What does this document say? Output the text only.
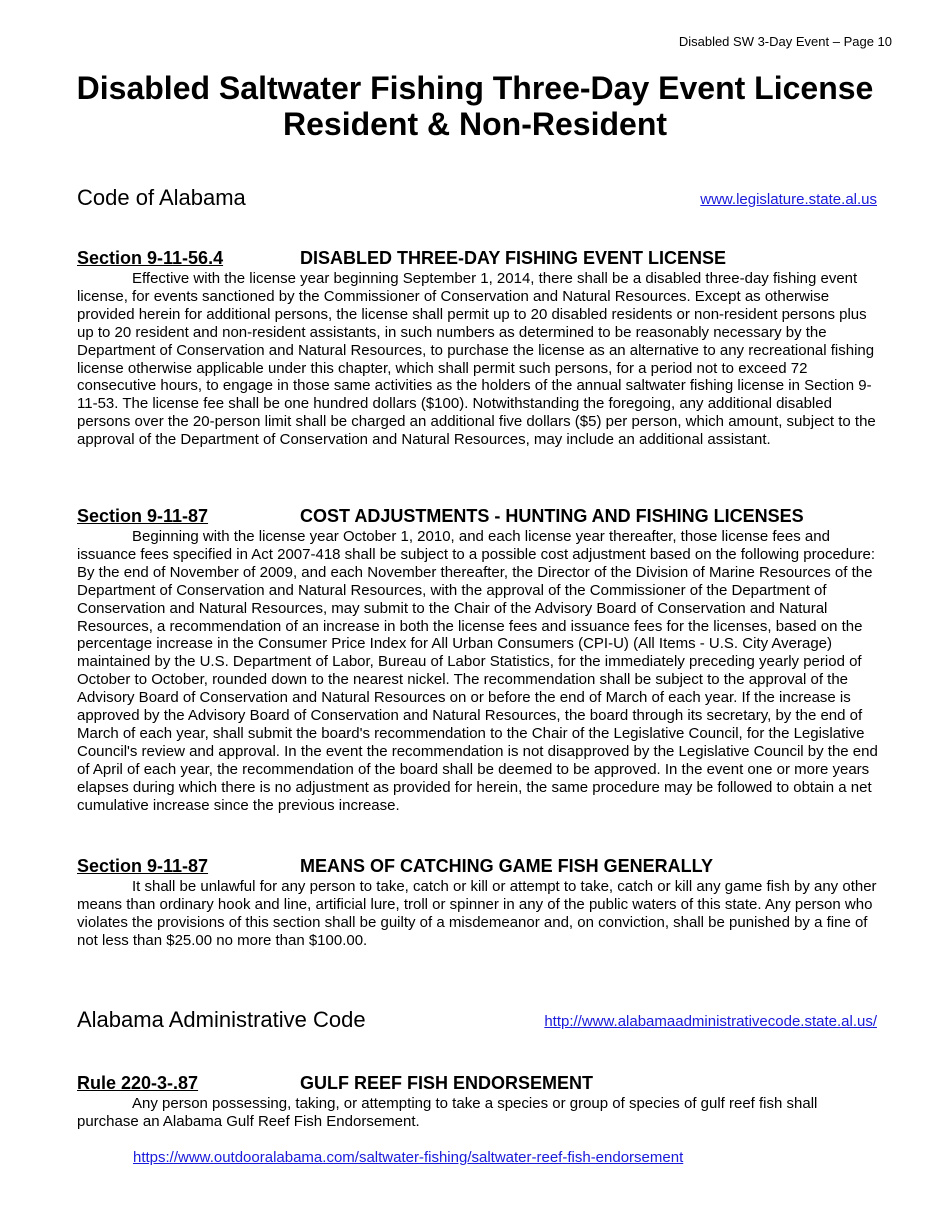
Disabled SW 3-Day Event – Page 10
Disabled Saltwater Fishing Three-Day Event License
Resident & Non-Resident
Code of Alabama	www.legislature.state.al.us
Section 9-11-56.4	DISABLED THREE-DAY FISHING EVENT LICENSE

Effective with the license year beginning September 1, 2014, there shall be a disabled three-day fishing event license, for events sanctioned by the Commissioner of Conservation and Natural Resources. Except as otherwise provided herein for additional persons, the license shall permit up to 20 disabled residents or non-resident persons plus up to 20 resident and non-resident assistants, in such numbers as determined to be reasonably necessary by the Department of Conservation and Natural Resources, to purchase the license as an alternative to any recreational fishing license otherwise applicable under this chapter, which shall permit such persons, for a period not to exceed 72 consecutive hours, to engage in those same activities as the holders of the annual saltwater fishing license in Section 9-11-53. The license fee shall be one hundred dollars ($100). Notwithstanding the foregoing, any additional disabled persons over the 20-person limit shall be charged an additional five dollars ($5) per person, which amount, subject to the approval of the Department of Conservation and Natural Resources, may include an additional assistant.

Section 9-11-87	COST ADJUSTMENTS - HUNTING AND FISHING LICENSES

Beginning with the license year October 1, 2010, and each license year thereafter, those license fees and issuance fees specified in Act 2007-418 shall be subject to a possible cost adjustment based on the following procedure: By the end of November of 2009, and each November thereafter, the Director of the Division of Marine Resources of the Department of Conservation and Natural Resources, with the approval of the Commissioner of the Department of Conservation and Natural Resources, may submit to the Chair of the Advisory Board of Conservation and Natural Resources, a recommendation of an increase in both the license fees and issuance fees for the licenses, based on the percentage increase in the Consumer Price Index for All Urban Consumers (CPI-U) (All Items - U.S. City Average) maintained by the U.S. Department of Labor, Bureau of Labor Statistics, for the immediately preceding yearly period of October to October, rounded down to the nearest nickel. The recommendation shall be subject to the approval of the Advisory Board of Conservation and Natural Resources on or before the end of March of each year. If the increase is approved by the Advisory Board of Conservation and Natural Resources, the board through its secretary, by the end of March of each year, shall submit the board's recommendation to the Chair of the Legislative Council, for the Legislative Council's review and approval. In the event the recommendation is not disapproved by the Legislative Council by the end of April of each year, the recommendation of the board shall be deemed to be approved. In the event one or more years elapses during which there is no adjustment as provided for herein, the same procedure may be followed to obtain a net cumulative increase since the previous increase.

Section 9-11-87	MEANS OF CATCHING GAME FISH GENERALLY

It shall be unlawful for any person to take, catch or kill or attempt to take, catch or kill any game fish by any other means than ordinary hook and line, artificial lure, troll or spinner in any of the public waters of this state. Any person who violates the provisions of this section shall be guilty of a misdemeanor and, on conviction, shall be punished by a fine of not less than $25.00 no more than $100.00.

Alabama Administrative Code	http://www.alabamaadministrativecode.state.al.us/
Rule 220-3-.87	GULF REEF FISH ENDORSEMENT

Any person possessing, taking, or attempting to take a species or group of species of gulf reef fish shall purchase an Alabama Gulf Reef Fish Endorsement.

https://www.outdooralabama.com/saltwater-fishing/saltwater-reef-fish-endorsement
